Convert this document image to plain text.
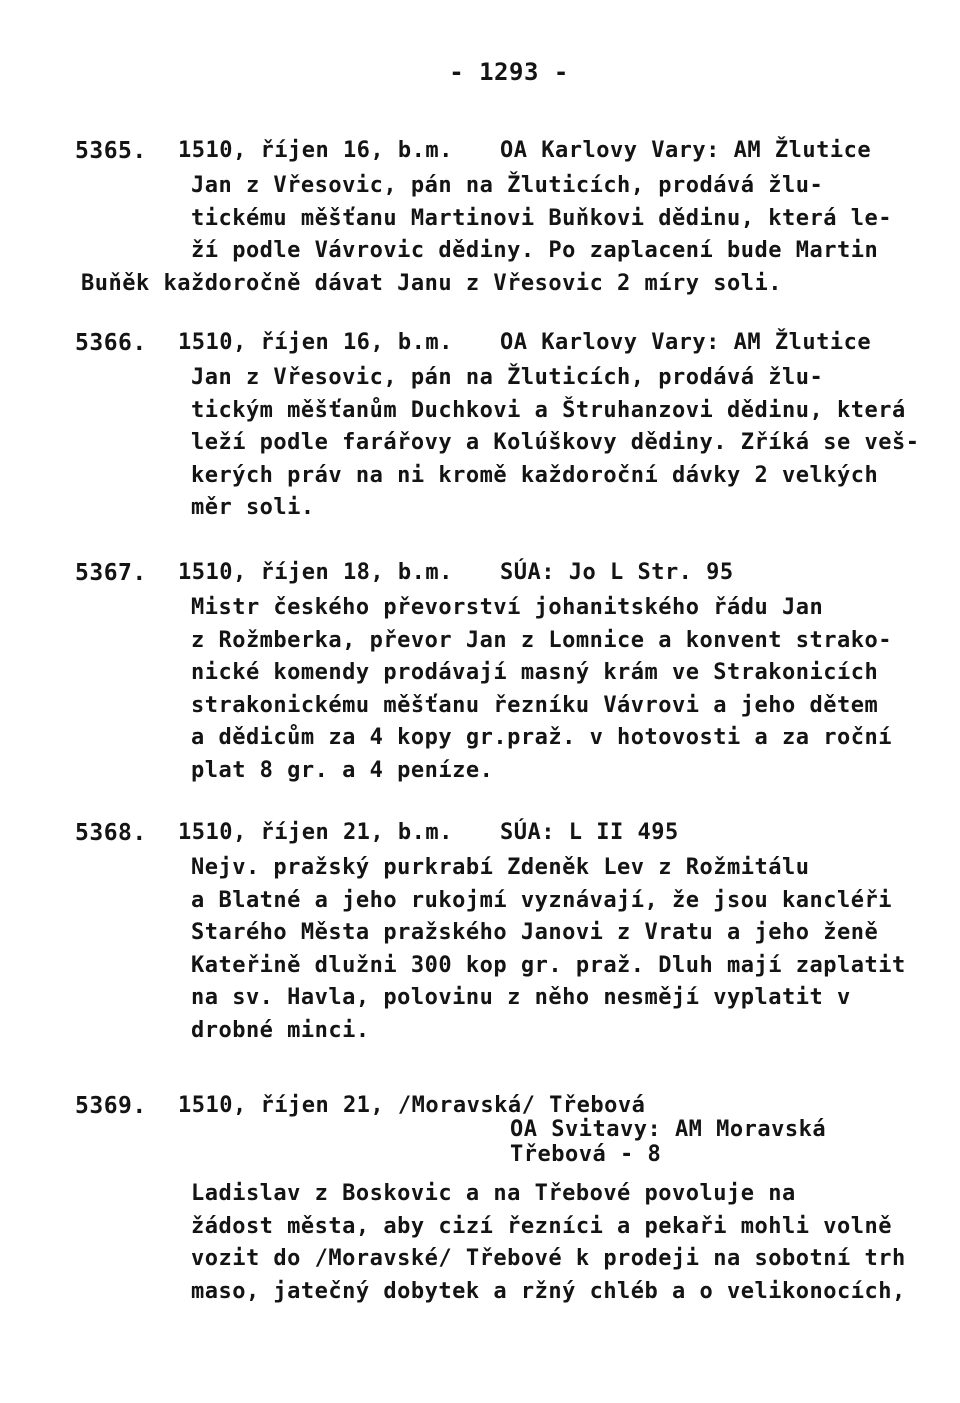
- 1293 -
5365. 1510, říjen 16, b.m. OA Karlovy Vary: AM Žlutice
Jan z Vřesovic, pán na Žluticích, prodává žlu-
tickému měšťanu Martinovi Buňkovi dědinu, která le-
ží podle Vávrovic dědiny. Po zaplacení bude Martin
Buňěk každoročně dávat Janu z Vřesovic 2 míry soli.
5366. 1510, říjen 16, b.m. OA Karlovy Vary: AM Žlutice
Jan z Vřesovic, pán na Žluticích, prodává žlu-
tickým měšťanům Duchkovi a Štruhanzovi dědinu, která
leží podle farářovy a Kolúškovy dědiny. Zříká se veš-
kerých práv na ni kromě každoroční dávky 2 velkých
měr soli.
5367. 1510, říjen 18, b.m. SÚA: Jo L Str. 95
Mistr českého převorství johanitského řádu Jan
z Rožmberka, převor Jan z Lomnice a konvent strako-
nické komendy prodávají masný krám ve Strakonicích
strakonickému měšťanu řezníku Vávrovi a jeho dětem
a dědicům za 4 kopy gr.praž. v hotovosti a za roční
plat 8 gr. a 4 peníze.
5368. 1510, říjen 21, b.m. SÚA: L II 495
Nejv. pražský purkrabí Zdeněk Lev z Rožmitálu
a Blatné a jeho rukojmí vyznávají, že jsou kancléři
Starého Města pražského Janovi z Vratu a jeho ženě
Kateřině dlužni 300 kop gr. praž. Dluh mají zaplatit
na sv. Havla, polovinu z něho nesmějí vyplatit v
drobné minci.
5369. 1510, říjen 21, /Moravská/ Třebová
OA Svitavy: AM Moravská
Třebová - 8
Ladislav z Boskovic a na Třebové povoluje na
žádost města, aby cizí řezníci a pekaři mohli volně
vozit do /Moravské/ Třebové k prodeji na sobotní trh
maso, jatečný dobytek a ržný chléb a o velikonocích,
